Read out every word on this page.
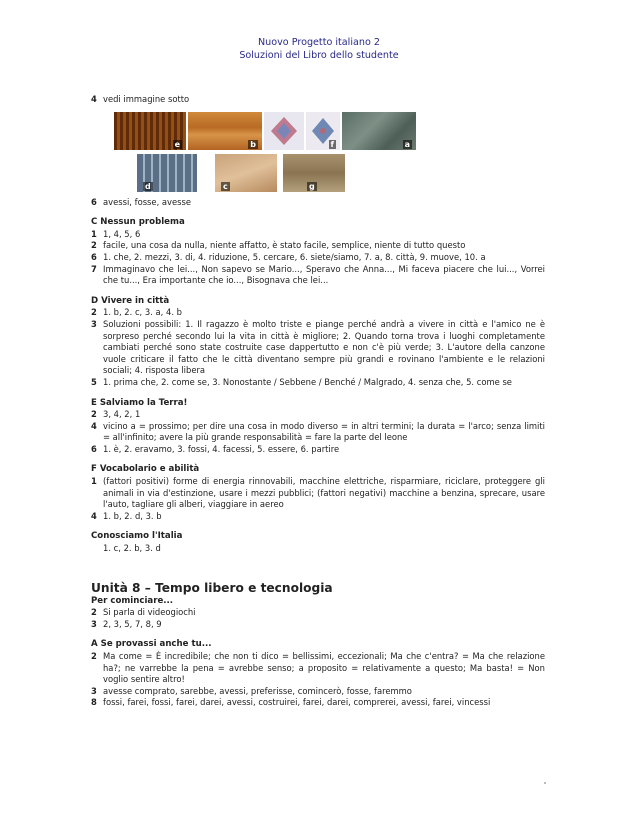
Nuovo Progetto italiano 2
Soluzioni del Libro dello studente
4 vedi immagine sotto
e	b	f	a
d	c	g
6 avessi, fosse, avesse
C Nessun problema
1 1, 4, 5, 6
2 facile, una cosa da nulla, niente affatto, è stato facile, semplice, niente di tutto questo
6 1. che, 2. mezzi, 3. di, 4. riduzione, 5. cercare, 6. siete/siamo, 7. a, 8. città, 9. muove, 10. a
7 Immaginavo che lei..., Non sapevo se Mario..., Speravo che Anna..., Mi faceva piacere che lui..., Vorrei che tu..., Era importante che io..., Bisognava che lei...
D Vivere in città
2 1. b, 2. c, 3. a, 4. b
3 Soluzioni possibili: 1. Il ragazzo è molto triste e piange perché andrà a vivere in città e l'amico ne è sorpreso perché secondo lui la vita in città è migliore; 2. Quando torna trova i luoghi completamente cambiati perché sono state costruite case dappertutto e non c'è più verde; 3. L'autore della canzone vuole criticare il fatto che le città diventano sempre più grandi e rovinano l'ambiente e le relazioni sociali; 4. risposta libera
5 1. prima che, 2. come se, 3. Nonostante / Sebbene / Benché / Malgrado, 4. senza che, 5. come se
E Salviamo la Terra!
2 3, 4, 2, 1
4 vicino a = prossimo; per dire una cosa in modo diverso = in altri termini; la durata = l'arco; senza limiti = all'infinito; avere la più grande responsabilità = fare la parte del leone
6 1. è, 2. eravamo, 3. fossi, 4. facessi, 5. essere, 6. partire
F Vocabolario e abilità
1 (fattori positivi) forme di energia rinnovabili, macchine elettriche, risparmiare, riciclare, proteggere gli animali in via d'estinzione, usare i mezzi pubblici; (fattori negativi) macchine a benzina, sprecare, usare l'auto, tagliare gli alberi, viaggiare in aereo
4 1. b, 2. d, 3. b
Conosciamo l'Italia
1. c, 2. b, 3. d
Unità 8 – Tempo libero e tecnologia
Per cominciare...
2 Si parla di videogiochi
3 2, 3, 5, 7, 8, 9
A Se provassi anche tu...
2 Ma come = È incredibile; che non ti dico = bellissimi, eccezionali; Ma che c'entra? = Ma che relazione ha?; ne varrebbe la pena = avrebbe senso; a proposito = relativamente a questo; Ma basta! = Non voglio sentire altro!
3 avesse comprato, sarebbe, avessi, preferisse, comincerò, fosse, faremmo
8 fossi, farei, fossi, farei, darei, avessi, costruirei, farei, darei, comprerei, avessi, farei, vincessi
